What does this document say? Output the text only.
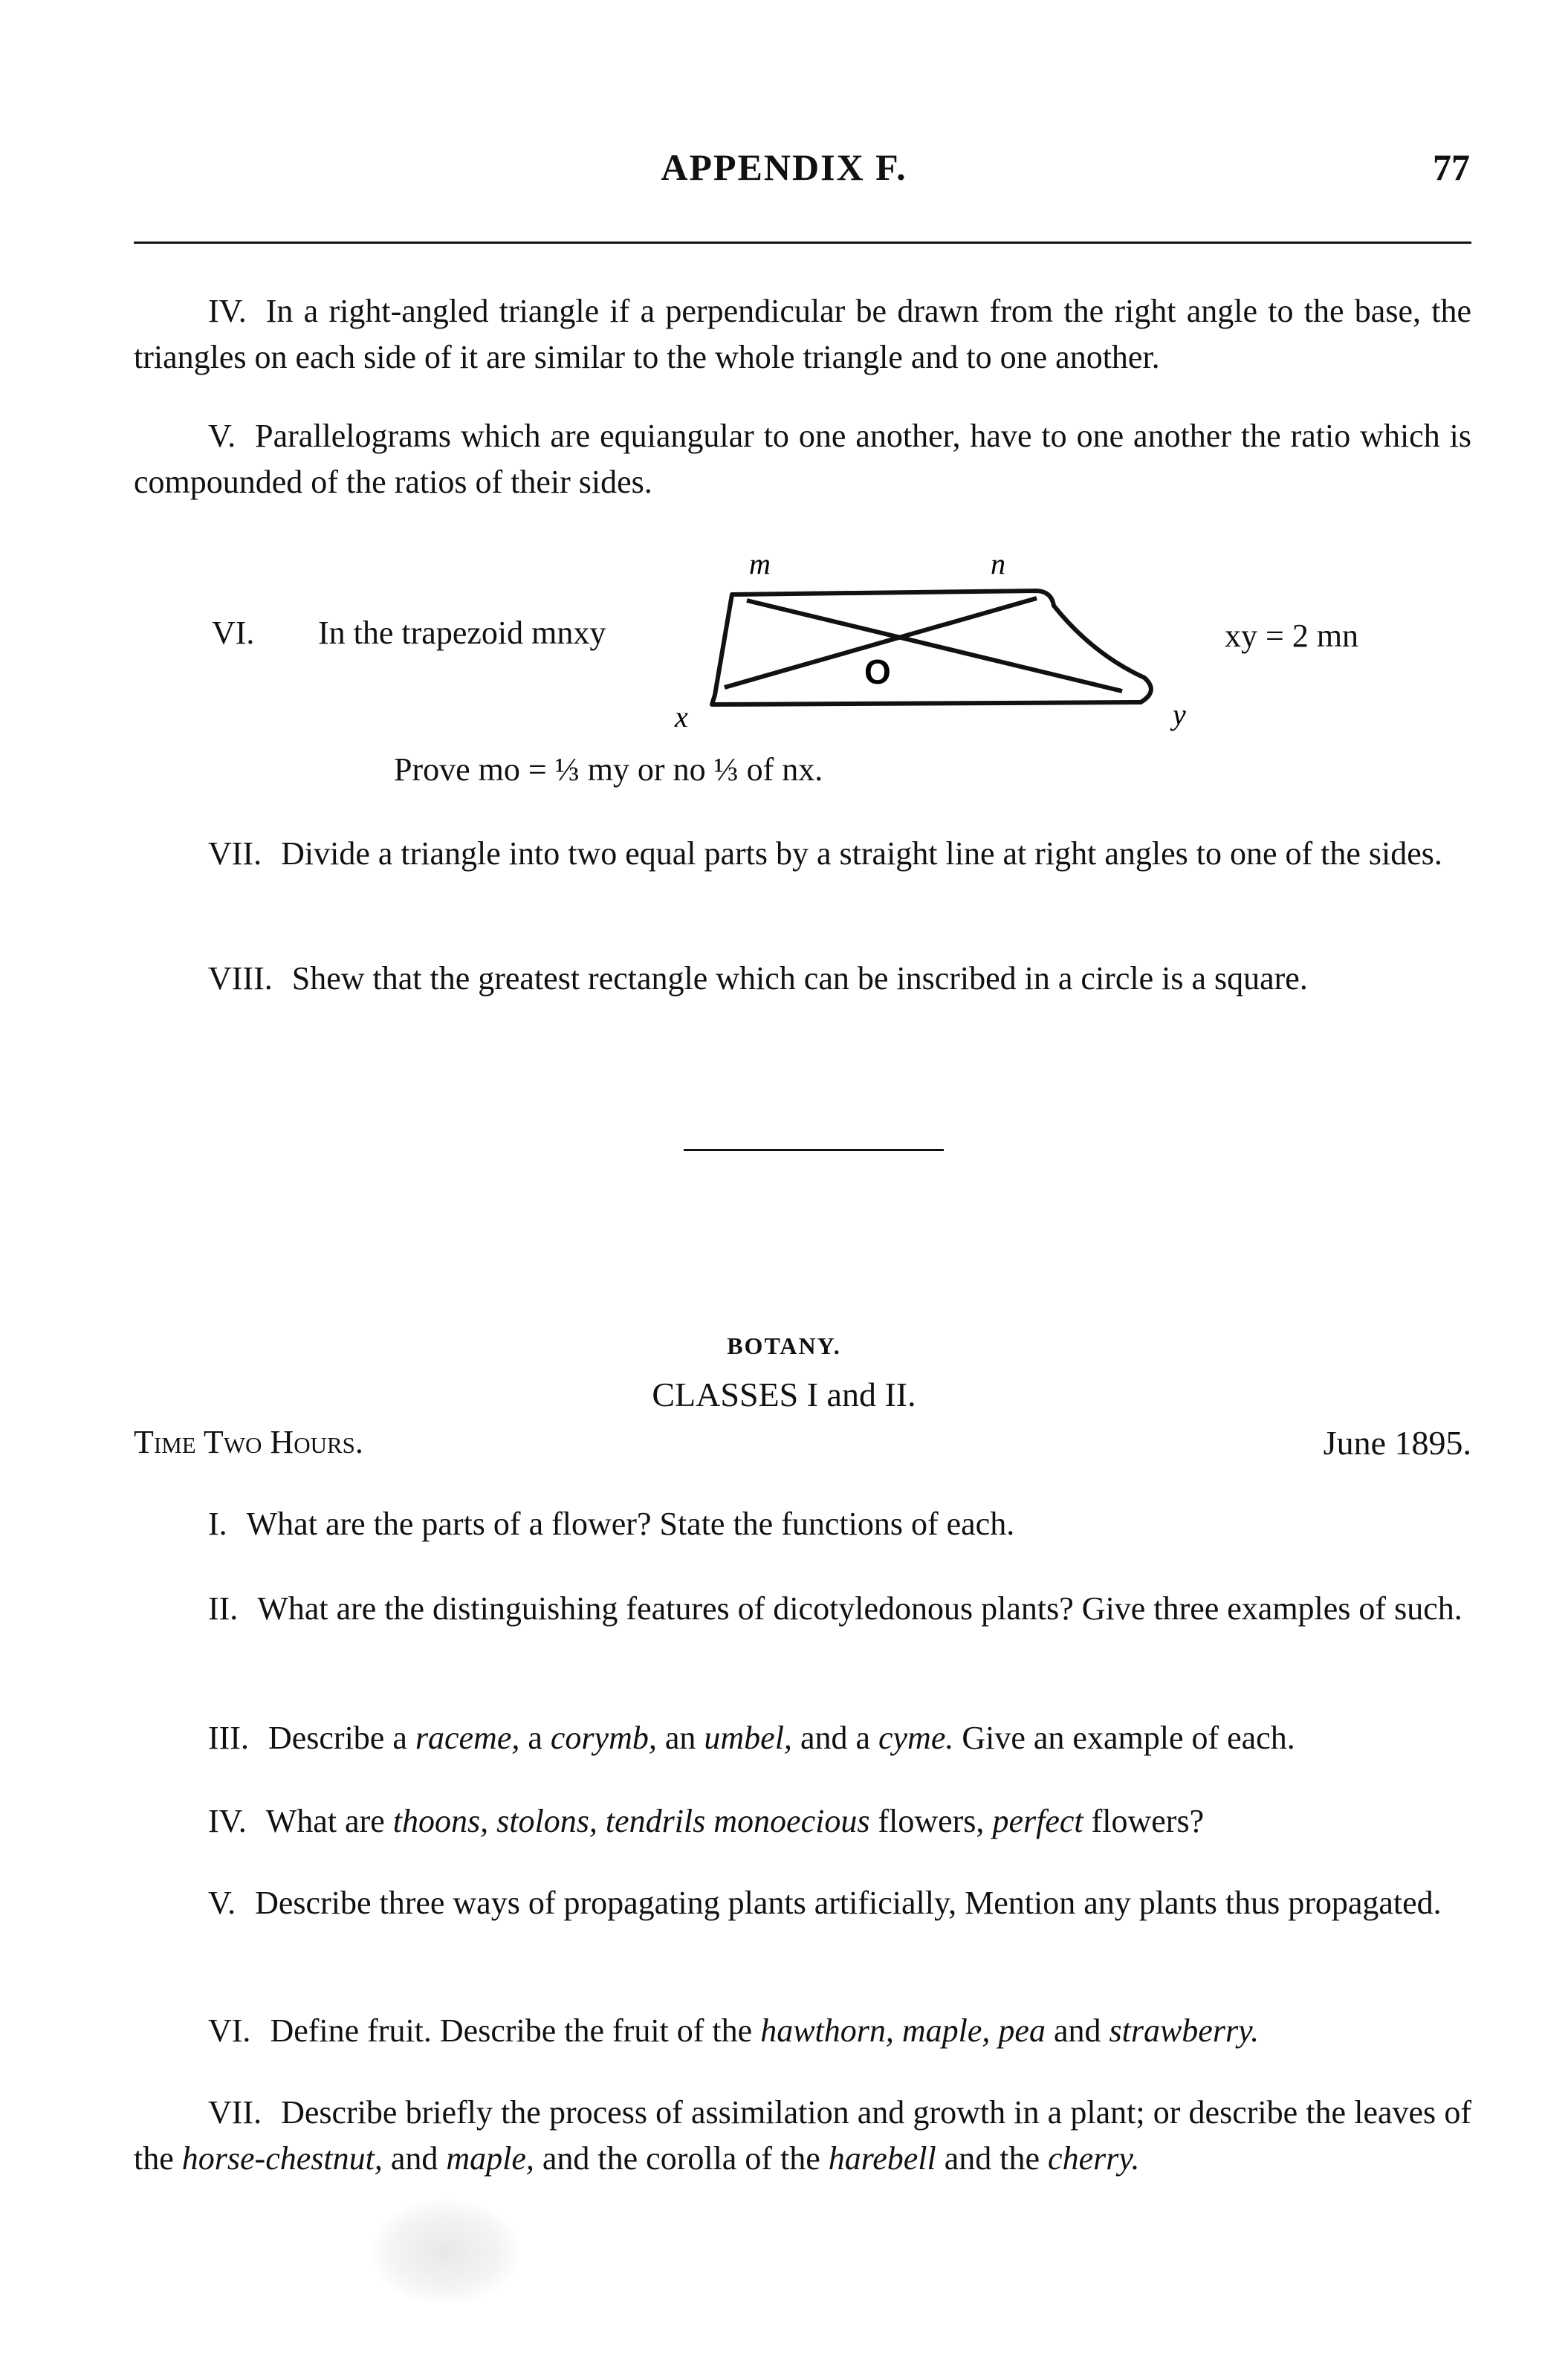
APPENDIX F.	77
IV. In a right-angled triangle if a perpendicular be drawn from the right angle to the base, the triangles on each side of it are similar to the whole triangle and to one another.
V. Parallelograms which are equiangular to one another, have to one another the ratio which is compounded of the ratios of their sides.
VI. In the trapezoid mnxy	xy = 2 mn
m	n
x	y
O
Prove mo = ⅓ my or no ⅓ of nx.
VII. Divide a triangle into two equal parts by a straight line at right angles to one of the sides.
VIII. Shew that the greatest rectangle which can be inscribed in a circle is a square.
BOTANY.
CLASSES I and II.
Time Two Hours.	June 1895.
I. What are the parts of a flower? State the functions of each.
II. What are the distinguishing features of dicotyledonous plants? Give three examples of such.
III. Describe a raceme, a corymb, an umbel, and a cyme. Give an example of each.
IV. What are thoons, stolons, tendrils monoecious flowers, perfect flowers?
V. Describe three ways of propagating plants artificially, Mention any plants thus propagated.
VI. Define fruit. Describe the fruit of the hawthorn, maple, pea and strawberry.
VII. Describe briefly the process of assimilation and growth in a plant; or describe the leaves of the horse-chestnut, and maple, and the corolla of the harebell and the cherry.
